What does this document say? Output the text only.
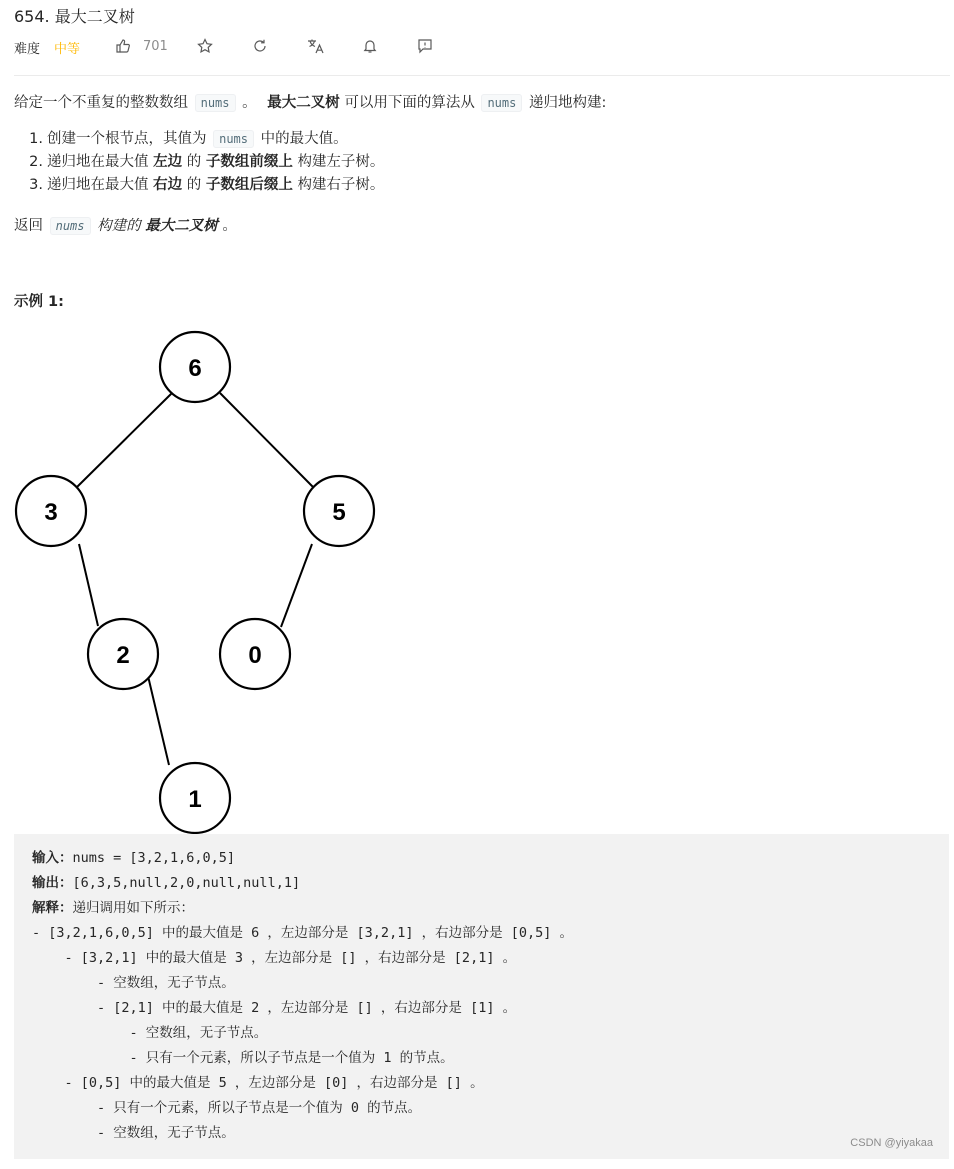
654. 最大二叉树
难度 中等	701
给定一个不重复的整数数组 nums 。 最大二叉树 可以用下面的算法从 nums 递归地构建:
1. 创建一个根节点，其值为 nums 中的最大值。
2. 递归地在最大值 左边 的 子数组前缀上 构建左子树。
3. 递归地在最大值 右边 的 子数组后缀上 构建右子树。
返回 nums 构建的 最大二叉树 。
示例 1:
6
3	5
2	0
1
输入：nums = [3,2,1,6,0,5]
输出：[6,3,5,null,2,0,null,null,1]
解释：递归调用如下所示：
- [3,2,1,6,0,5] 中的最大值是 6 ，左边部分是 [3,2,1] ，右边部分是 [0,5] 。
- [3,2,1] 中的最大值是 3 ，左边部分是 [] ，右边部分是 [2,1] 。
- 空数组，无子节点。
- [2,1] 中的最大值是 2 ，左边部分是 [] ，右边部分是 [1] 。
- 空数组，无子节点。
- 只有一个元素，所以子节点是一个值为 1 的节点。
- [0,5] 中的最大值是 5 ，左边部分是 [0] ，右边部分是 [] 。
- 只有一个元素，所以子节点是一个值为 0 的节点。
- 空数组，无子节点。
CSDN @yiyakaa
